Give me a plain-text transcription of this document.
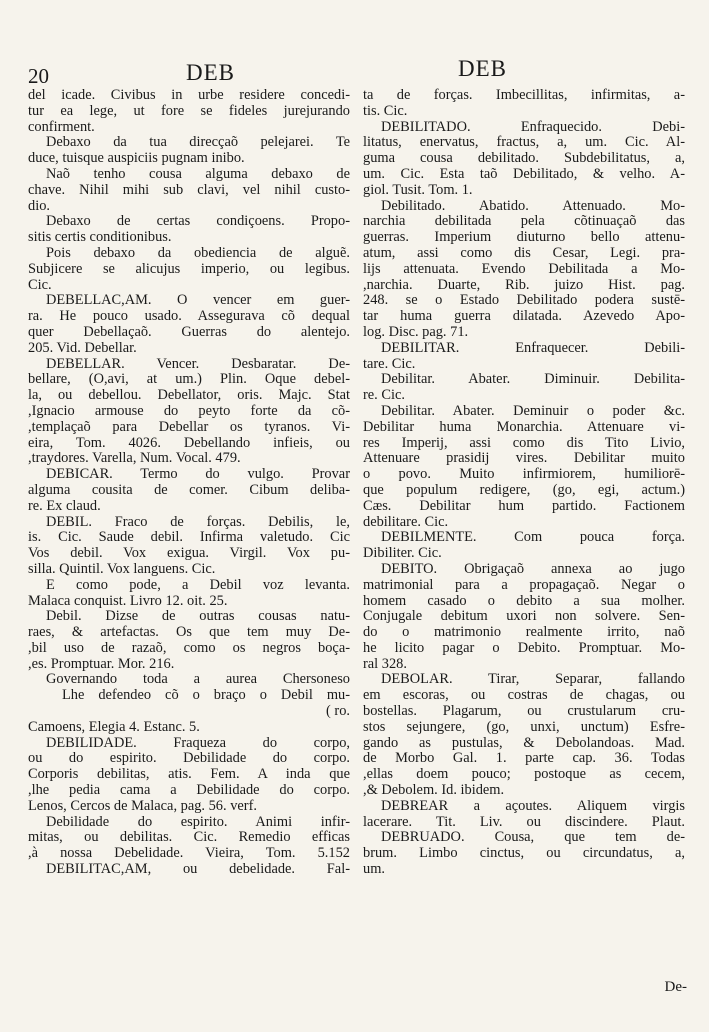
20	DEB	DEB
del icade. Civibus in urbe residere concedi-
tur ea lege, ut fore se fideles jurejurando
confirment.
Debaxo da tua direcçaõ pelejarei. Te
duce, tuisque auspiciis pugnam inibo.
Naõ tenho cousa alguma debaxo de
chave. Nihil mihi sub clavi, vel nihil custo-
dio.
Debaxo de certas condiçoens. Propo-
sitis certis conditionibus.
Pois debaxo da obediencia de alguẽ.
Subjicere se alicujus imperio, ou legibus.
Cic.
DEBELLAC,AM. O vencer em guer-
ra. He pouco usado. Assegurava cõ dequal
quer Debellaçaõ. Guerras do alentejo.
205. Vid. Debellar.
DEBELLAR. Vencer. Desbaratar. De-
bellare, (O,avi, at um.) Plin. Oque debel-
la, ou debellou. Debellator, oris. Majc. Stat
,Ignacio armouse do peyto forte da cõ-
,templaçaõ para Debellar os tyranos. Vi-
eira, Tom. 4026. Debellando infieis, ou
,traydores. Varella, Num. Vocal. 479.
DEBICAR. Termo do vulgo. Provar
alguma cousita de comer. Cibum deliba-
re. Ex claud.
DEBIL. Fraco de forças. Debilis, le,
is. Cic. Saude debil. Infirma valetudo. Cic
Vos debil. Vox exigua. Virgil. Vox pu-
silla. Quintil. Vox languens. Cic.
E como pode, a Debil voz levanta.
Malaca conquist. Livro 12. oit. 25.
Debil. Dizse de outras cousas natu-
raes, & artefactas. Os que tem muy De-
,bil uso de razaõ, como os negros boça-
,es. Promptuar. Mor. 216.
Governando toda a aurea Chersoneso
Lhe defendeo cõ o braço o Debil mu-
( ro.
Camoens, Elegia 4. Estanc. 5.
DEBILIDADE. Fraqueza do corpo,
ou do espirito. Debilidade do corpo.
Corporis debilitas, atis. Fem. A inda que
,lhe pedia cama a Debilidade do corpo.
Lenos, Cercos de Malaca, pag. 56. verf.
Debilidade do espirito. Animi infir-
mitas, ou debilitas. Cic. Remedio efficas
,à nossa Debelidade. Vieira, Tom. 5.152
DEBILITAC,AM, ou debelidade. Fal-
ta de forças. Imbecillitas, infirmitas, a-
tis. Cic.
DEBILITADO. Enfraquecido. Debi-
litatus, enervatus, fractus, a, um. Cic. Al-
guma cousa debilitado. Subdebilitatus, a,
um. Cic. Esta taõ Debilitado, & velho. A-
giol. Tusit. Tom. 1.
Debilitado. Abatido. Attenuado. Mo-
narchia debilitada pela cõtinuaçaõ das
guerras. Imperium diuturno bello attenu-
atum, assi como dis Cesar, Legi. pra-
lijs attenuata. Evendo Debilitada a Mo-
,narchia. Duarte, Rib. juizo Hist. pag.
248. se o Estado Debilitado podera sustē-
tar huma guerra dilatada. Azevedo Apo-
log. Disc. pag. 71.
DEBILITAR. Enfraquecer. Debili-
tare. Cic.
Debilitar. Abater. Diminuir. Debilita-
re. Cic.
Debilitar. Abater. Deminuir o poder &c.
Debilitar huma Monarchia. Attenuare vi-
res Imperij, assi como dis Tito Livio,
Attenuare prasidij vires. Debilitar muito
o povo. Muito infirmiorem, humiliorē-
que populum redigere, (go, egi, actum.)
Cæs. Debilitar hum partido. Factionem
debilitare. Cic.
DEBILMENTE. Com pouca força.
Dibiliter. Cic.
DEBITO. Obrigaçaõ annexa ao jugo
matrimonial para a propagaçaõ. Negar o
homem casado o debito a sua molher.
Conjugale debitum uxori non solvere. Sen-
do o matrimonio realmente irrito, naõ
he licito pagar o Debito. Promptuar. Mo-
ral 328.
DEBOLAR. Tirar, Separar, fallando
em escoras, ou costras de chagas, ou
bostellas. Plagarum, ou crustularum cru-
stos sejungere, (go, unxi, unctum) Esfre-
gando as pustulas, & Debolandoas. Mad.
de Morbo Gal. 1. parte cap. 36. Todas
,ellas doem pouco; postoque as cecem,
,& Debolem. Id. ibidem.
DEBREAR a açoutes. Aliquem virgis
lacerare. Tit. Liv. ou discindere. Plaut.
DEBRUADO. Cousa, que tem de-
brum. Limbo cinctus, ou circundatus, a,
um.
De-
